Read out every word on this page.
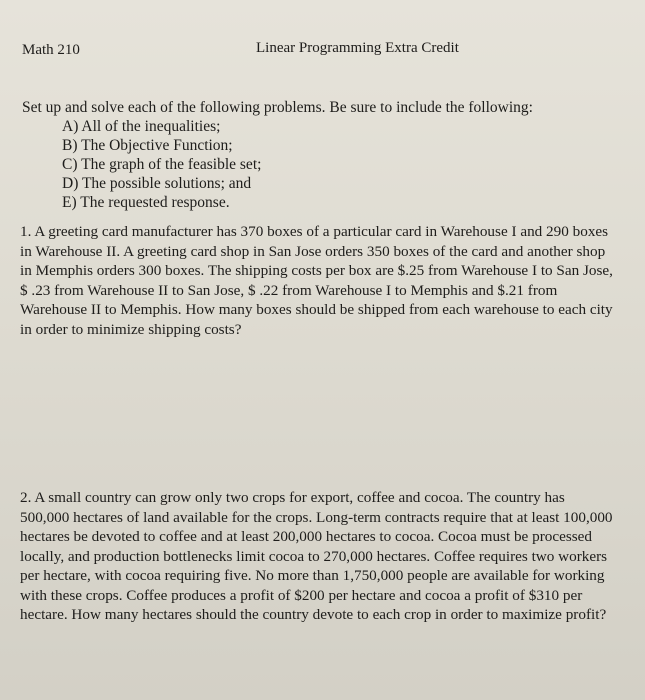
Math 210	Linear Programming Extra Credit

Set up and solve each of the following problems. Be sure to include the following:

A) All of the inequalities;
B) The Objective Function;
C) The graph of the feasible set;
D) The possible solutions; and
E) The requested response.

1. A greeting card manufacturer has 370 boxes of a particular card in Warehouse I and 290 boxes in Warehouse II. A greeting card shop in San Jose orders 350 boxes of the card and another shop in Memphis orders 300 boxes. The shipping costs per box are $.25 from Warehouse I to San Jose, $ .23 from Warehouse II to San Jose, $ .22 from Warehouse I to Memphis and $.21 from Warehouse II to Memphis. How many boxes should be shipped from each warehouse to each city in order to minimize shipping costs?

2. A small country can grow only two crops for export, coffee and cocoa. The country has 500,000 hectares of land available for the crops. Long-term contracts require that at least 100,000 hectares be devoted to coffee and at least 200,000 hectares to cocoa. Cocoa must be processed locally, and production bottlenecks limit cocoa to 270,000 hectares. Coffee requires two workers per hectare, with cocoa requiring five. No more than 1,750,000 people are available for working with these crops. Coffee produces a profit of $200 per hectare and cocoa a profit of $310 per hectare. How many hectares should the country devote to each crop in order to maximize profit?
